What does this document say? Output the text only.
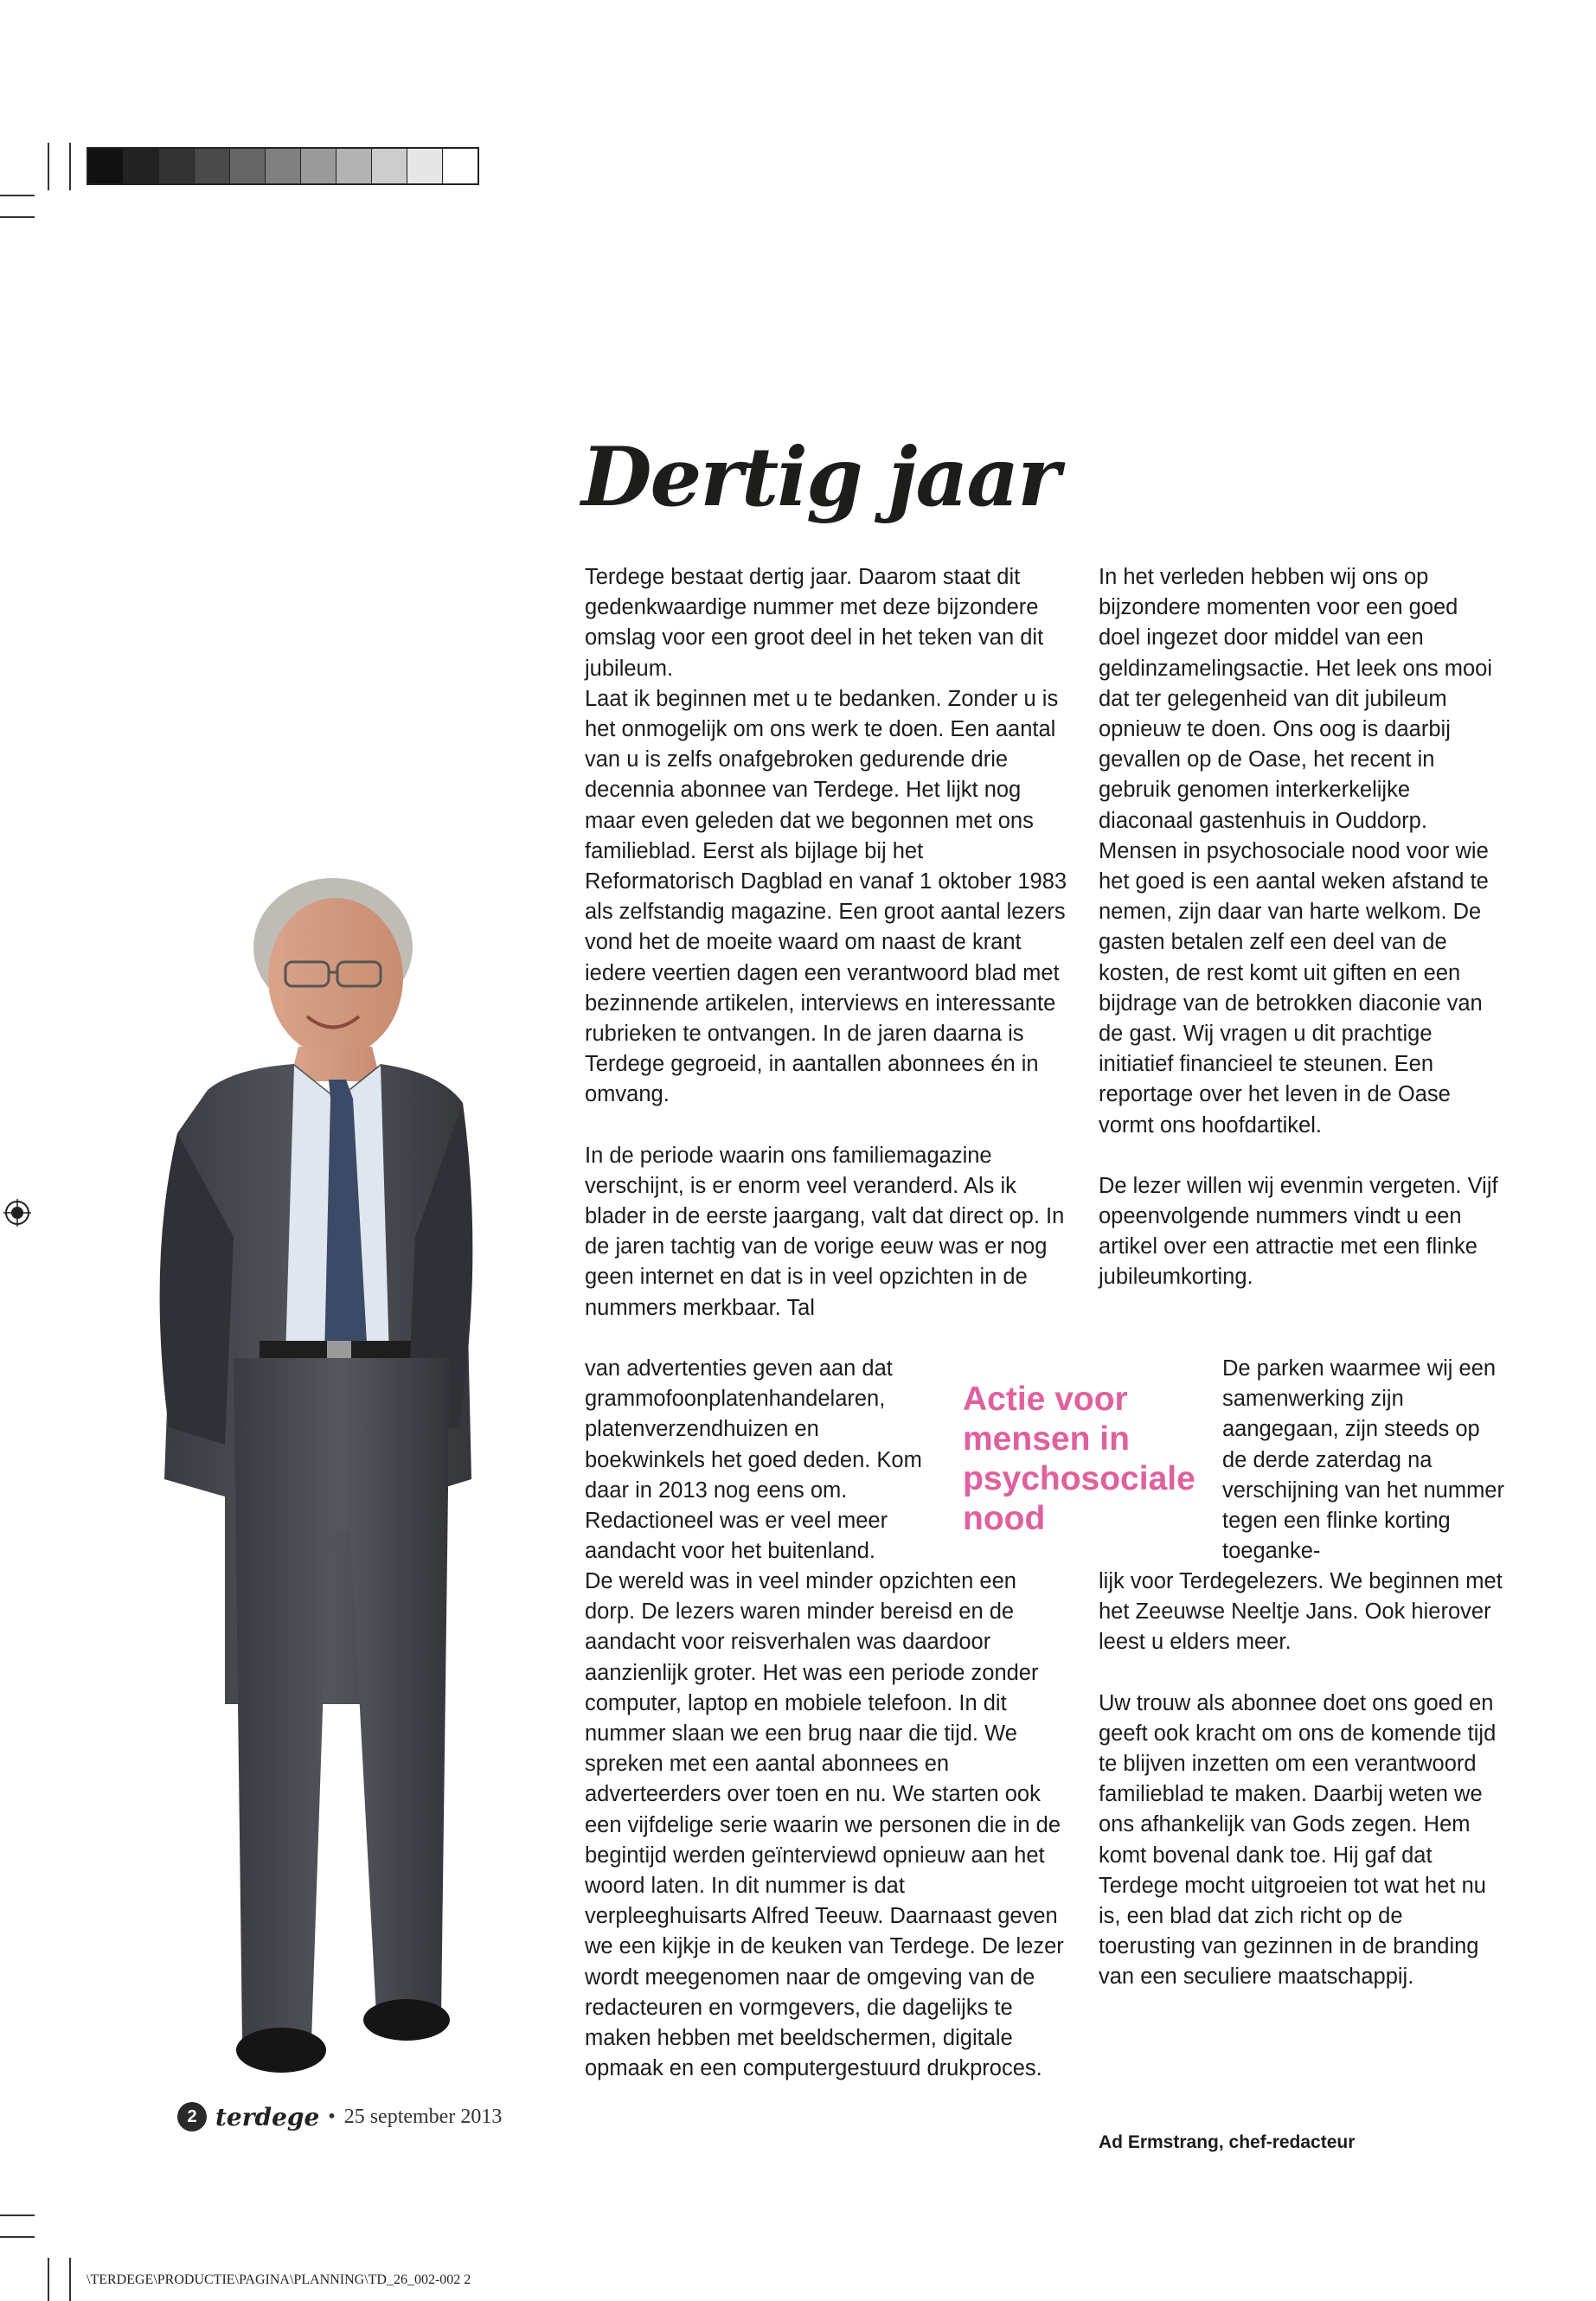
Dertig jaar

Terdege bestaat dertig jaar. Daarom staat dit gedenkwaardige nummer met deze bijzondere omslag voor een groot deel in het teken van dit jubileum.

Laat ik beginnen met u te bedanken. Zonder u is het onmogelijk om ons werk te doen. Een aantal van u is zelfs onafgebroken gedurende drie decennia abonnee van Terdege. Het lijkt nog maar even geleden dat we begonnen met ons familieblad. Eerst als bijlage bij het Reformatorisch Dagblad en vanaf 1 oktober 1983 als zelfstandig magazine. Een groot aantal lezers vond het de moeite waard om naast de krant iedere veertien dagen een verantwoord blad met bezinnende artikelen, interviews en interessante rubrieken te ontvangen. In de jaren daarna is Terdege gegroeid, in aantallen abonnees én in omvang.

In de periode waarin ons familiemagazine verschijnt, is er enorm veel veranderd. Als ik blader in de eerste jaargang, valt dat direct op. In de jaren tachtig van de vorige eeuw was er nog geen internet en dat is in veel opzichten in de nummers merkbaar. Tal

van advertenties geven aan dat grammofoonplatenhandelaren, platenverzendhuizen en boekwinkels het goed deden. Kom daar in 2013 nog eens om. Redactioneel was er veel meer aandacht voor het buitenland.

De wereld was in veel minder opzichten een dorp. De lezers waren minder bereisd en de aandacht voor reisverhalen was daardoor aanzienlijk groter. Het was een periode zonder computer, laptop en mobiele telefoon. In dit nummer slaan we een brug naar die tijd. We spreken met een aantal abonnees en adverteerders over toen en nu. We starten ook een vijfdelige serie waarin we personen die in de begintijd werden geïnterviewd opnieuw aan het woord laten. In dit nummer is dat verpleeghuisarts Alfred Teeuw. Daarnaast geven we een kijkje in de keuken van Terdege. De lezer wordt meegenomen naar de omgeving van de redacteuren en vormgevers, die dagelijks te maken hebben met beeldschermen, digitale opmaak en een computergestuurd drukproces.

Actie voor mensen in psychosociale nood

In het verleden hebben wij ons op bijzondere momenten voor een goed doel ingezet door middel van een geldinzamelingsactie. Het leek ons mooi dat ter gelegenheid van dit jubileum opnieuw te doen. Ons oog is daarbij gevallen op de Oase, het recent in gebruik genomen interkerkelijke diaconaal gastenhuis in Ouddorp. Mensen in psychosociale nood voor wie het goed is een aantal weken afstand te nemen, zijn daar van harte welkom. De gasten betalen zelf een deel van de kosten, de rest komt uit giften en een bijdrage van de betrokken diaconie van de gast. Wij vragen u dit prachtige initiatief financieel te steunen. Een reportage over het leven in de Oase vormt ons hoofdartikel.

De lezer willen wij evenmin vergeten. Vijf opeenvolgende nummers vindt u een artikel over een attractie met een flinke jubileumkorting.

De parken waarmee wij een samenwerking zijn aangegaan, zijn steeds op de derde zaterdag na verschijning van het nummer tegen een flinke korting toeganke-

lijk voor Terdegelezers. We beginnen met het Zeeuwse Neeltje Jans. Ook hierover leest u elders meer.

Uw trouw als abonnee doet ons goed en geeft ook kracht om ons de komende tijd te blijven inzetten om een verantwoord familieblad te maken. Daarbij weten we ons afhankelijk van Gods zegen. Hem komt bovenal dank toe. Hij gaf dat Terdege mocht uitgroeien tot wat het nu is, een blad dat zich richt op de toerusting van gezinnen in de branding van een seculiere maatschappij.

Ad Ermstrang, chef-redacteur
2 terdege • 25 september 2013
\TERDEGE\PRODUCTIE\PAGINA\PLANNING\TD_26_002-002 2
